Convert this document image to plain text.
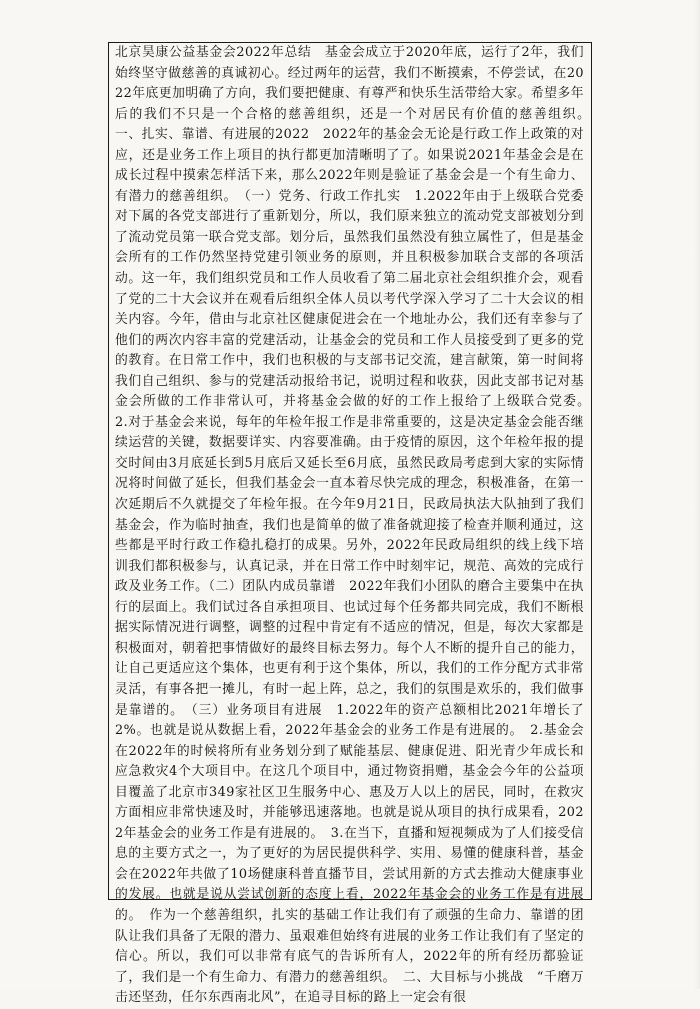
北京昊康公益基金会2022年总结　基金会成立于2020年底，运行了2年，我们始终坚守做慈善的真诚初心。经过两年的运营，我们不断摸索，不停尝试，在2022年底更加明确了方向，我们要把健康、有尊严和快乐生活带给大家。希望多年后的我们不只是一个合格的慈善组织，还是一个对居民有价值的慈善组织。　一、扎实、靠谱、有进展的2022　2022年的基金会无论是行政工作上政策的对应，还是业务工作上项目的执行都更加清晰明了了。如果说2021年基金会是在成长过程中摸索怎样活下来，那么2022年则是验证了基金会是一个有生命力、有潜力的慈善组织。　（一）党务、行政工作扎实　1.2022年由于上级联合党委对下属的各党支部进行了重新划分，所以，我们原来独立的流动党支部被划分到了流动党员第一联合党支部。划分后，虽然我们虽然没有独立属性了，但是基金会所有的工作仍然坚持党建引领业务的原则，并且积极参加联合支部的各项活动。这一年，我们组织党员和工作人员收看了第二届北京社会组织推介会，观看了党的二十大会议并在观看后组织全体人员以考代学深入学习了二十大会议的相关内容。今年，借由与北京社区健康促进会在一个地址办公，我们还有幸参与了他们的两次内容丰富的党建活动，让基金会的党员和工作人员接受到了更多的党的教育。在日常工作中，我们也积极的与支部书记交流，建言献策，第一时间将我们自己组织、参与的党建活动报给书记，说明过程和收获，因此支部书记对基金会所做的工作非常认可，并将基金会做的好的工作上报给了上级联合党委。　2.对于基金会来说，每年的年检年报工作是非常重要的，这是决定基金会能否继续运营的关键，数据要详实、内容要准确。由于疫情的原因，这个年检年报的提交时间由3月底延长到5月底后又延长至6月底，虽然民政局考虑到大家的实际情况将时间做了延长，但我们基金会一直本着尽快完成的理念，积极准备，在第一次延期后不久就提交了年检年报。在今年9月21日，民政局执法大队抽到了我们基金会，作为临时抽查，我们也是简单的做了准备就迎接了检查并顺利通过，这些都是平时行政工作稳扎稳打的成果。另外，2022年民政局组织的线上线下培训我们都积极参与，认真记录，并在日常工作中时刻牢记，规范、高效的完成行政及业务工作。（二）团队内成员靠谱　2022年我们小团队的磨合主要集中在执行的层面上。我们试过各自承担项目、也试过每个任务都共同完成，我们不断根据实际情况进行调整，调整的过程中肯定有不适应的情况，但是，每次大家都是积极面对，朝着把事情做好的最终目标去努力。每个人不断的提升自己的能力，让自己更适应这个集体，也更有利于这个集体，所以，我们的工作分配方式非常灵活，有事各把一摊儿，有时一起上阵，总之，我们的氛围是欢乐的，我们做事是靠谱的。　（三）业务项目有进展　1.2022年的资产总额相比2021年增长了2%。也就是说从数据上看，2022年基金会的业务工作是有进展的。　2.基金会在2022年的时候将所有业务划分到了赋能基层、健康促进、阳光青少年成长和应急救灾4个大项目中。在这几个项目中，通过物资捐赠，基金会今年的公益项目覆盖了北京市349家社区卫生服务中心、惠及万人以上的居民，同时，在救灾方面相应非常快速及时，并能够迅速落地。也就是说从项目的执行成果看，2022年基金会的业务工作是有进展的。　3.在当下，直播和短视频成为了人们接受信息的主要方式之一，为了更好的为居民提供科学、实用、易懂的健康科普，基金会在2022年共做了10场健康科普直播节目，尝试用新的方式去推动大健康事业的发展。也就是说从尝试创新的态度上看，2022年基金会的业务工作是有进展的。　作为一个慈善组织，扎实的基础工作让我们有了顽强的生命力、靠谱的团队让我们具备了无限的潜力、虽艰难但始终有进展的业务工作让我们有了坚定的信心。所以，我们可以非常有底气的告诉所有人，2022年的所有经历都验证了，我们是一个有生命力、有潜力的慈善组织。　二、大目标与小挑战　“千磨万击还坚劲，任尔东西南北风”，在追寻目标的路上一定会有很
